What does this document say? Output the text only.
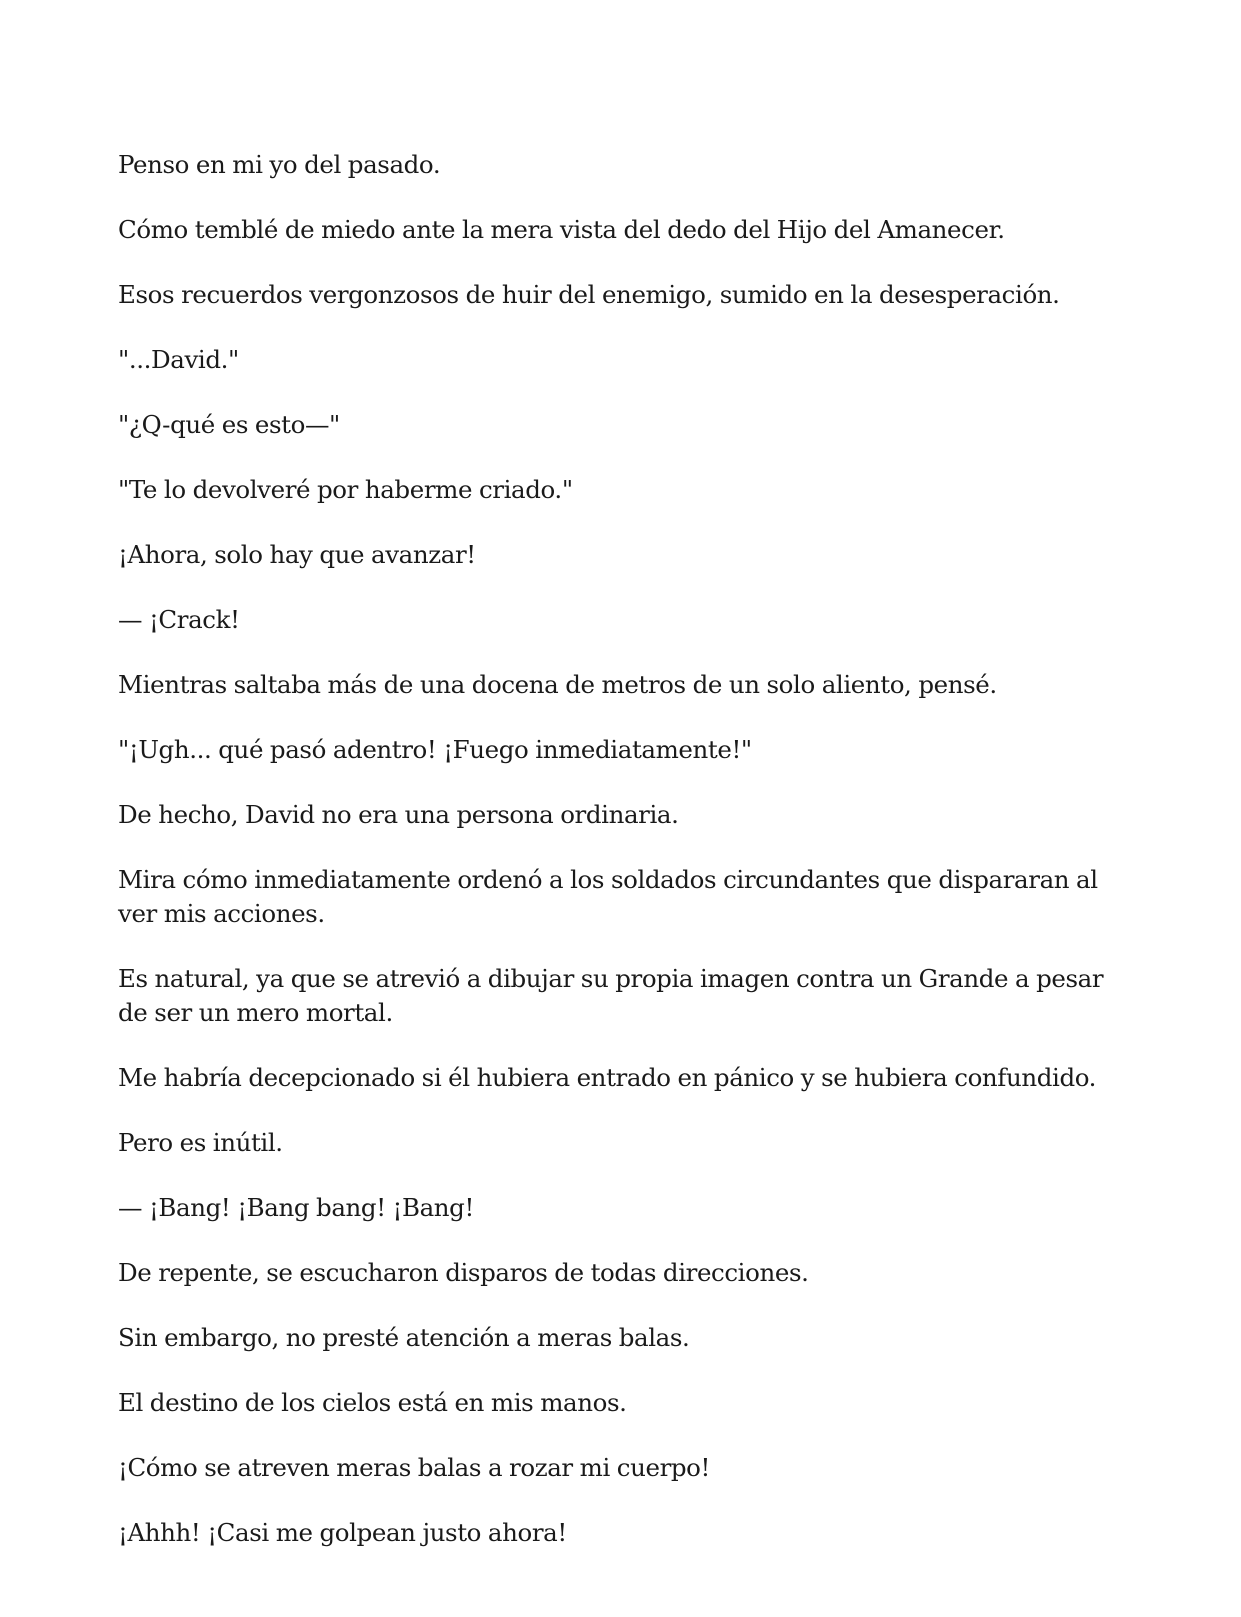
Penso en mi yo del pasado.

Cómo temblé de miedo ante la mera vista del dedo del Hijo del Amanecer.

Esos recuerdos vergonzosos de huir del enemigo, sumido en la desesperación.

"...David."

"¿Q-qué es esto—"

"Te lo devolveré por haberme criado."

¡Ahora, solo hay que avanzar!

— ¡Crack!

Mientras saltaba más de una docena de metros de un solo aliento, pensé.

"¡Ugh... qué pasó adentro! ¡Fuego inmediatamente!"

De hecho, David no era una persona ordinaria.

Mira cómo inmediatamente ordenó a los soldados circundantes que dispararan al ver mis acciones.

Es natural, ya que se atrevió a dibujar su propia imagen contra un Grande a pesar de ser un mero mortal.

Me habría decepcionado si él hubiera entrado en pánico y se hubiera confundido.

Pero es inútil.

— ¡Bang! ¡Bang bang! ¡Bang!

De repente, se escucharon disparos de todas direcciones.

Sin embargo, no presté atención a meras balas.

El destino de los cielos está en mis manos.

¡Cómo se atreven meras balas a rozar mi cuerpo!

¡Ahhh! ¡Casi me golpean justo ahora!
